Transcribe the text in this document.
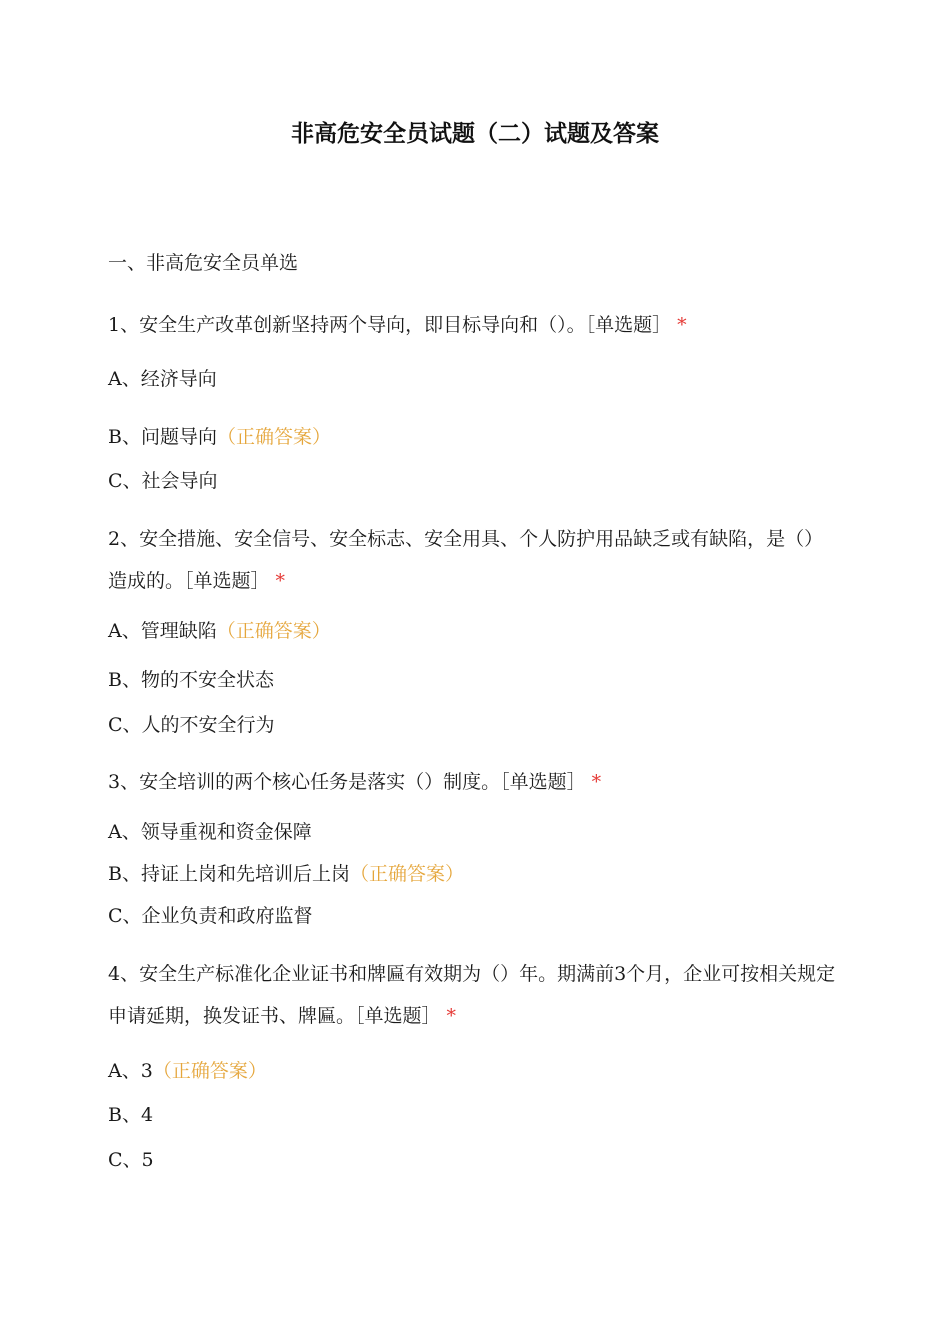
非高危安全员试题（二）试题及答案
一、非高危安全员单选
1、安全生产改革创新坚持两个导向，即目标导向和（）。［单选题］ *
A、经济导向
B、问题导向（正确答案）
C、社会导向
2、安全措施、安全信号、安全标志、安全用具、个人防护用品缺乏或有缺陷，是（）造成的。［单选题］ *
A、管理缺陷（正确答案）
B、物的不安全状态
C、人的不安全行为
3、安全培训的两个核心任务是落实（）制度。［单选题］ *
A、领导重视和资金保障
B、持证上岗和先培训后上岗（正确答案）
C、企业负责和政府监督
4、安全生产标准化企业证书和牌匾有效期为（）年。期满前3个月，企业可按相关规定申请延期，换发证书、牌匾。［单选题］ *
A、3（正确答案）
B、4
C、5
